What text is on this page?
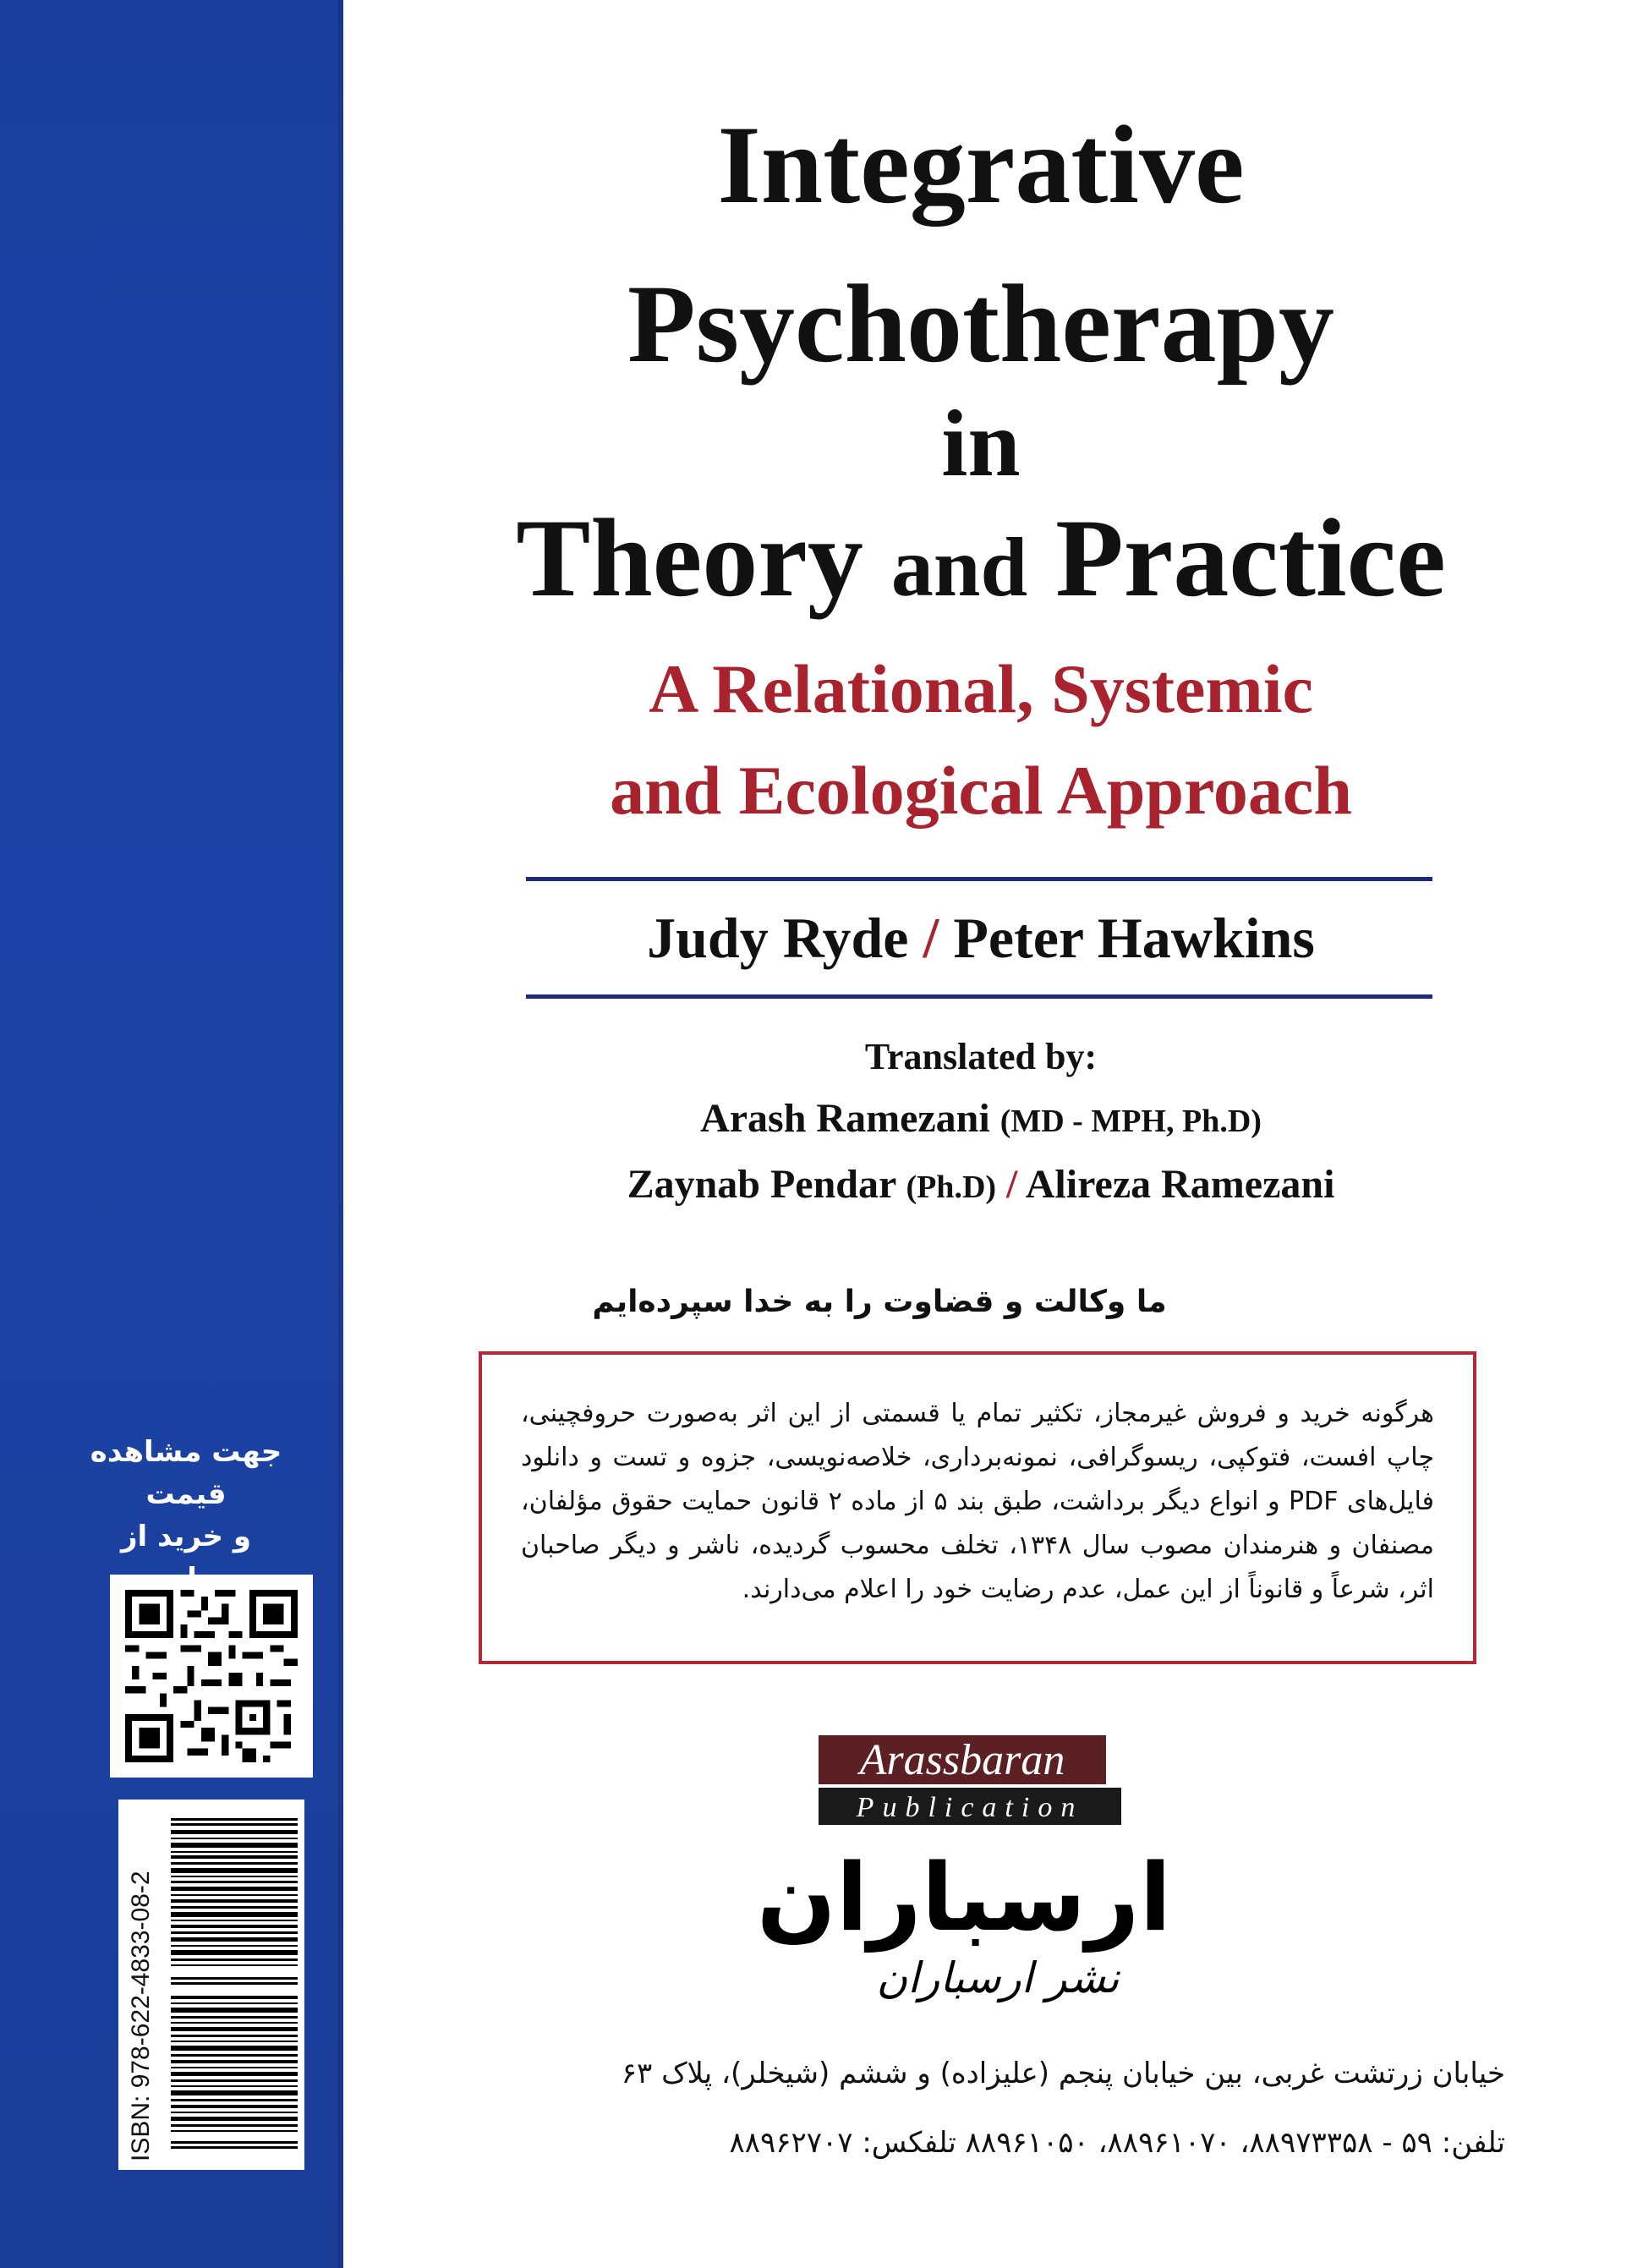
جهت مشاهده قیمت
و خرید از
ISBN: 978-622-4833-08-2
Integrative
Psychotherapy
in
Theory and Practice
A Relational, Systemic
and Ecological Approach
Judy Ryde / Peter Hawkins
Translated by:
Arash Ramezani (MD - MPH, Ph.D)
Zaynab Pendar (Ph.D) / Alireza Ramezani
ما وکالت و قضاوت را به خدا سپرده‌ایم
هرگونه خرید و فروش غیرمجاز، تکثیر تمام یا قسمتی از این اثر به‌صورت حروفچینی، چاپ افست، فتوکپی، ریسوگرافی، نمونه‌برداری، خلاصه‌نویسی، جزوه و تست و دانلود فایل‌های PDF و انواع دیگر برداشت، طبق بند ۵ از ماده ۲ قانون حمایت حقوق مؤلفان، مصنفان و هنرمندان مصوب سال ۱۳۴۸، تخلف محسوب گردیده، ناشر و دیگر صاحبان اثر، شرعاً و قانوناً از این عمل، عدم رضایت خود را اعلام می‌دارند.
Arassbaran
Publication
ارسباران
نشر ارسباران
خیابان زرتشت غربی، بین خیابان پنجم (علیزاده) و ششم (شیخلر)، پلاک ۶۳
تلفن: ۵۹ - ۸۸۹۷۳۳۵۸، ۸۸۹۶۱۰۷۰، ۸۸۹۶۱۰۵۰ تلفکس: ۸۸۹۶۲۷۰۷
